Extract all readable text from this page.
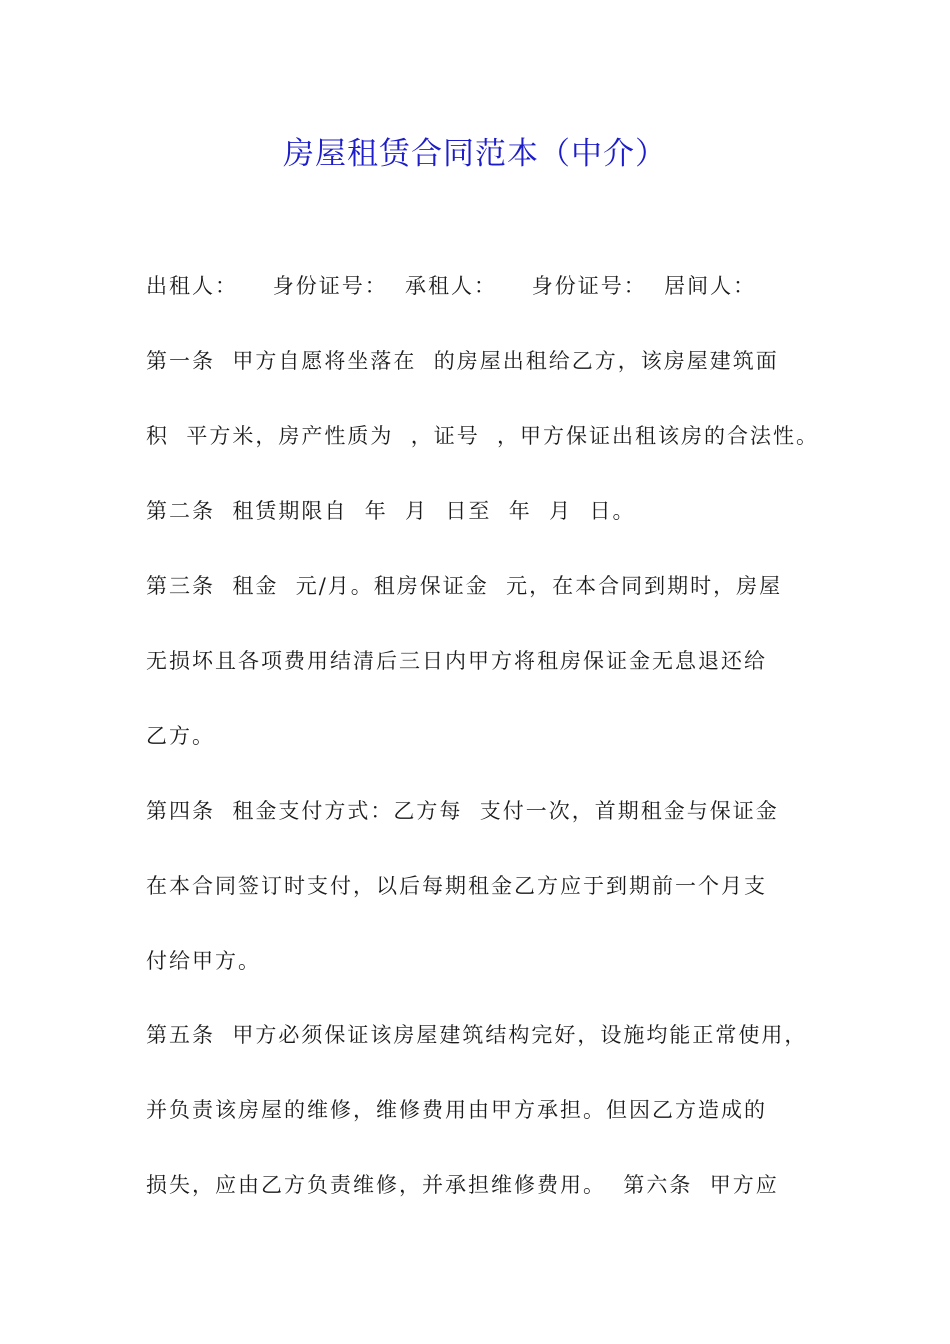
房屋租赁合同范本（中介）

出租人：    身份证号：  承租人：    身份证号：  居间人：

第一条  甲方自愿将坐落在  的房屋出租给乙方，该房屋建筑面

积  平方米，房产性质为  ，证号  ，甲方保证出租该房的合法性。

第二条  租赁期限自  年  月  日至  年  月  日。

第三条  租金  元/月。租房保证金  元，在本合同到期时，房屋

无损坏且各项费用结清后三日内甲方将租房保证金无息退还给

乙方。

第四条  租金支付方式：乙方每  支付一次，首期租金与保证金

在本合同签订时支付，以后每期租金乙方应于到期前一个月支

付给甲方。

第五条  甲方必须保证该房屋建筑结构完好，设施均能正常使用，

并负责该房屋的维修，维修费用由甲方承担。但因乙方造成的

损失，应由乙方负责维修，并承担维修费用。  第六条  甲方应
